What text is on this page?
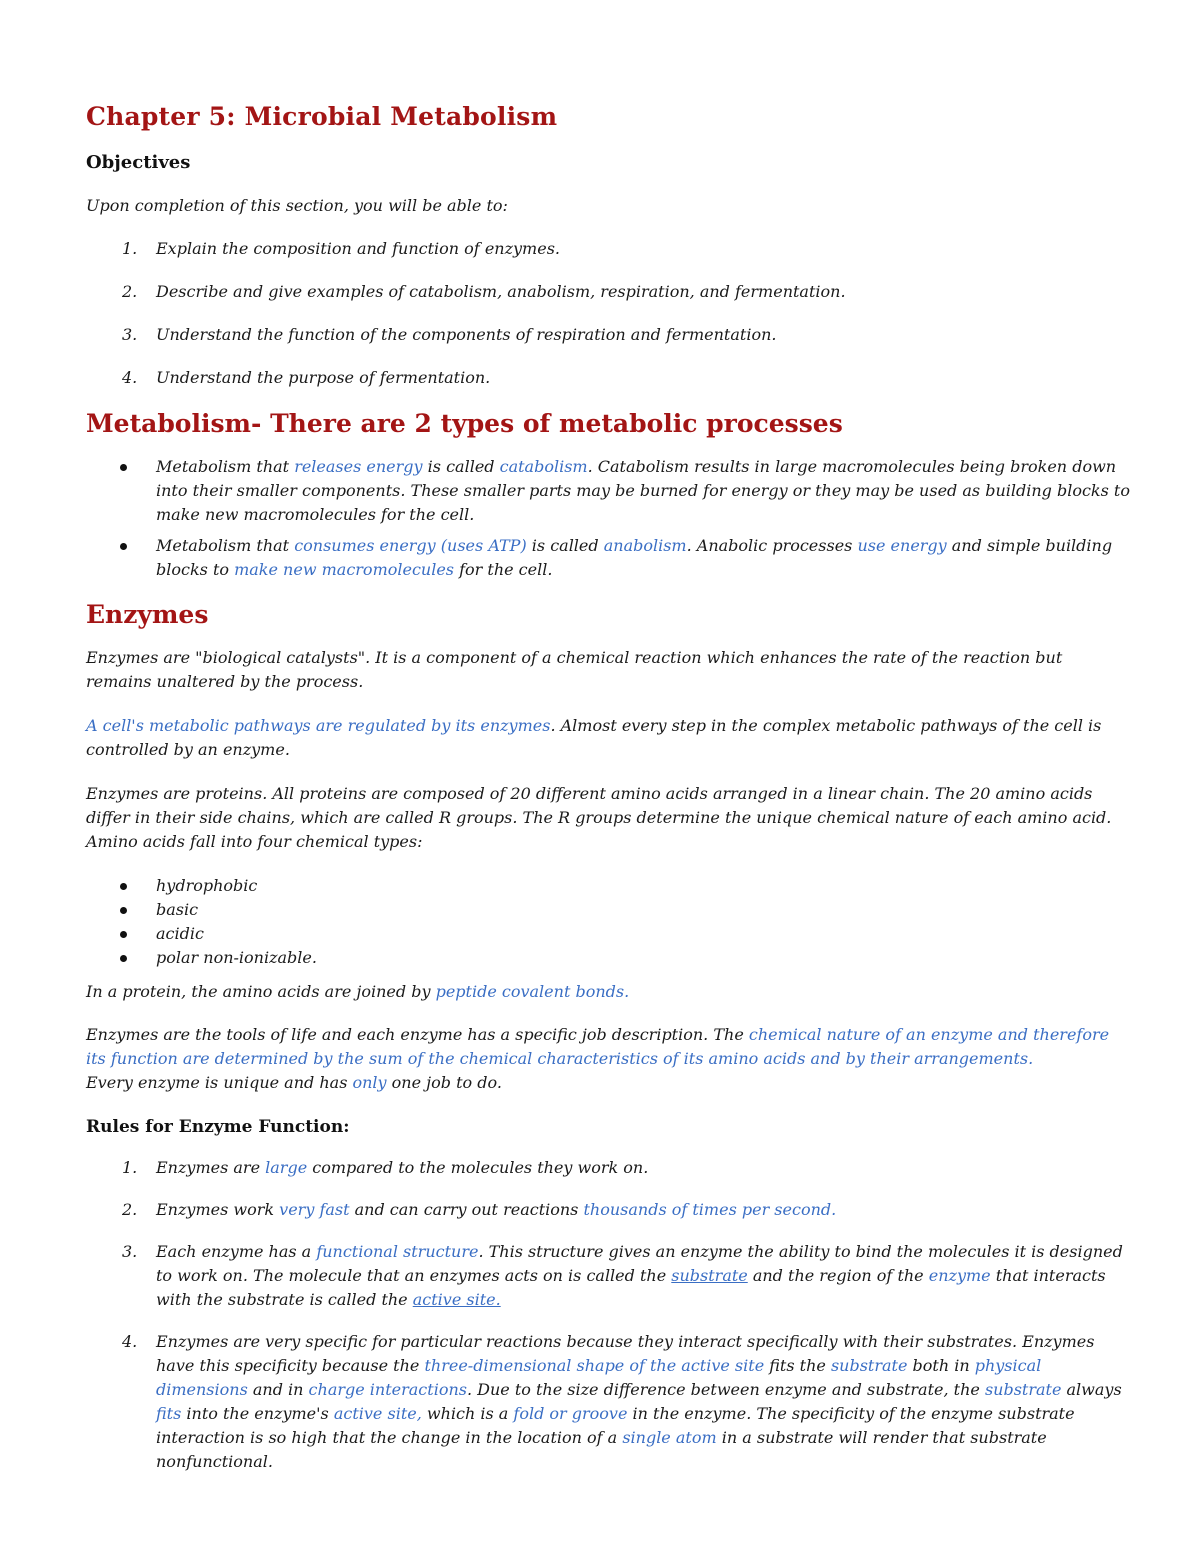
Chapter 5: Microbial Metabolism
Objectives

Upon completion of this section, you will be able to:

1. Explain the composition and function of enzymes.
2. Describe and give examples of catabolism, anabolism, respiration, and fermentation.
3. Understand the function of the components of respiration and fermentation.
4. Understand the purpose of fermentation.
Metabolism- There are 2 types of metabolic processes
Metabolism that releases energy is called catabolism. Catabolism results in large macromolecules being broken down into their smaller components. These smaller parts may be burned for energy or they may be used as building blocks to make new macromolecules for the cell.
Metabolism that consumes energy (uses ATP) is called anabolism. Anabolic processes use energy and simple building blocks to make new macromolecules for the cell.
Enzymes

Enzymes are "biological catalysts". It is a component of a chemical reaction which enhances the rate of the reaction but remains unaltered by the process.

A cell's metabolic pathways are regulated by its enzymes. Almost every step in the complex metabolic pathways of the cell is controlled by an enzyme.

Enzymes are proteins. All proteins are composed of 20 different amino acids arranged in a linear chain. The 20 amino acids differ in their side chains, which are called R groups. The R groups determine the unique chemical nature of each amino acid. Amino acids fall into four chemical types:

hydrophobic
basic
acidic
polar non-ionizable.

In a protein, the amino acids are joined by peptide covalent bonds.

Enzymes are the tools of life and each enzyme has a specific job description. The chemical nature of an enzyme and therefore its function are determined by the sum of the chemical characteristics of its amino acids and by their arrangements.

Every enzyme is unique and has only one job to do.

Rules for Enzyme Function:
1. Enzymes are large compared to the molecules they work on.
2. Enzymes work very fast and can carry out reactions thousands of times per second.
3. Each enzyme has a functional structure. This structure gives an enzyme the ability to bind the molecules it is designed to work on. The molecule that an enzymes acts on is called the substrate and the region of the enzyme that interacts with the substrate is called the active site.
4. Enzymes are very specific for particular reactions because they interact specifically with their substrates. Enzymes have this specificity because the three-dimensional shape of the active site fits the substrate both in physical dimensions and in charge interactions. Due to the size difference between enzyme and substrate, the substrate always fits into the enzyme's active site, which is a fold or groove in the enzyme. The specificity of the enzyme substrate interaction is so high that the change in the location of a single atom in a substrate will render that substrate nonfunctional.
